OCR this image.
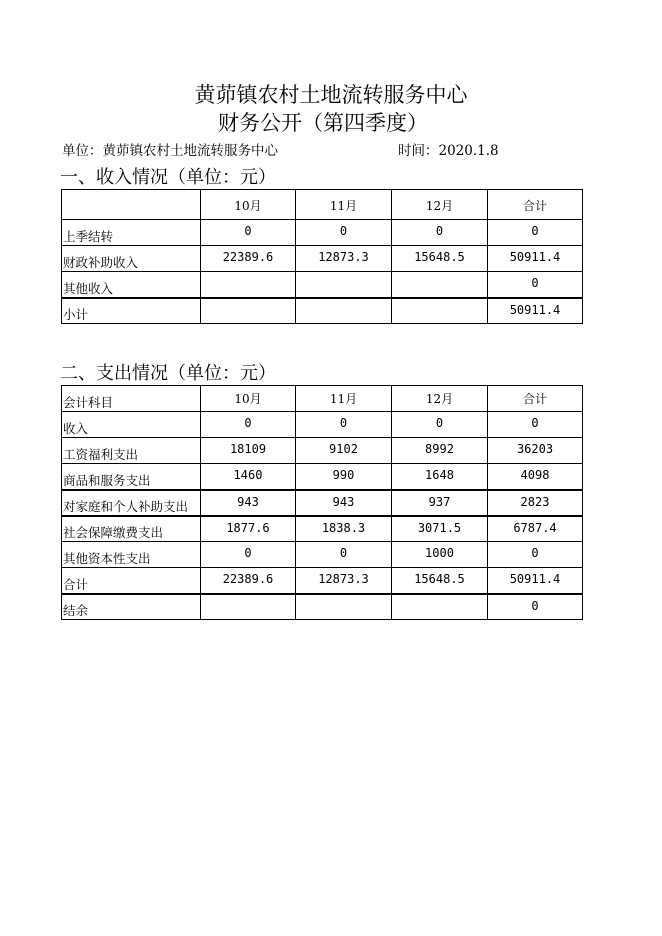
黄茆镇农村土地流转服务中心
财务公开（第四季度）
单位：黄茆镇农村土地流转服务中心	时间：2020.1.8
一、收入情况（单位：元）
	10月	11月	12月	合计
上季结转	0	0	0	0
财政补助收入	22389.6	12873.3	15648.5	50911.4
其他收入				0
小计				50911.4
二、支出情况（单位：元）
会计科目	10月	11月	12月	合计
收入	0	0	0	0
工资福利支出	18109	9102	8992	36203
商品和服务支出	1460	990	1648	4098
对家庭和个人补助支出	943	943	937	2823
社会保障缴费支出	1877.6	1838.3	3071.5	6787.4
其他资本性支出	0	0	1000	0
合计	22389.6	12873.3	15648.5	50911.4
结余				0
